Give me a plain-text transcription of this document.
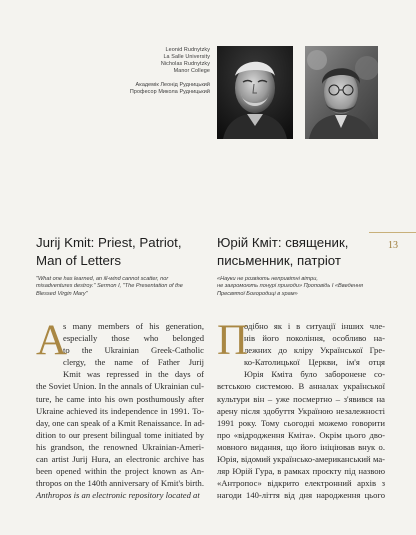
Leonid Rudnytzky
La Salle University
Nicholas Rudnytzky
Manor College
Академік Леонід Рудницький
Професор Микола Рудницький
13
Jurij Kmit: Priest, Patriot,
Man of Letters
Юрій Кміт: священик,
письменник, патріот

"What one has learned, an ill-wind cannot scatter, nor
misadventures destroy." Sermon I, "The Presentation of the
Blessed Virgin Mary"

«Науки не розвіють непривітні вітри,
не загромоють понурі пригоди» Проповідь І «Введення
Пресвятої Богородиці в храм»

A
s many members of his generation,
especially those who belonged
to the Ukrainian Greek-Catholic
clergy, the name of Father Jurij
Kmit was repressed in the days of
the Soviet Union. In the annals of Ukrainian cul-
ture, he came into his own posthumously after
Ukraine achieved its independence in 1991. To-
day, one can speak of a Kmit Renaissance. In ad-
dition to our present bilingual tome initiated by
his grandson, the renowned Ukrainian-Ameri-
can artist Jurij Hura, an electronic archive has
been opened within the project known as An-
thropos on the 140th anniversary of Kmit's birth.
Anthropos is an electronic repository located at
П
одібно як і в ситуації інших чле-
нів його покоління, особливо на-
лежних до кліру Української Гре-
ко-Католицької Церкви, ім'я отця
Юрія Кміта було заборонене со-
вєтською системою. В анналах української
культури він – уже посмертно – з'явився на
арену після здобуття Україною незалежності
1991 року. Тому сьогодні можемо говорити
про «відродження Кміта». Окрім цього дво-
мовного видання, що його ініціював внук о.
Юрія, відомий українсько-американський ма-
ляр Юрій Гура, в рамках проєкту під назвою
«Антропос» відкрито електронний архів з
нагоди 140-ліття від дня народження цього
